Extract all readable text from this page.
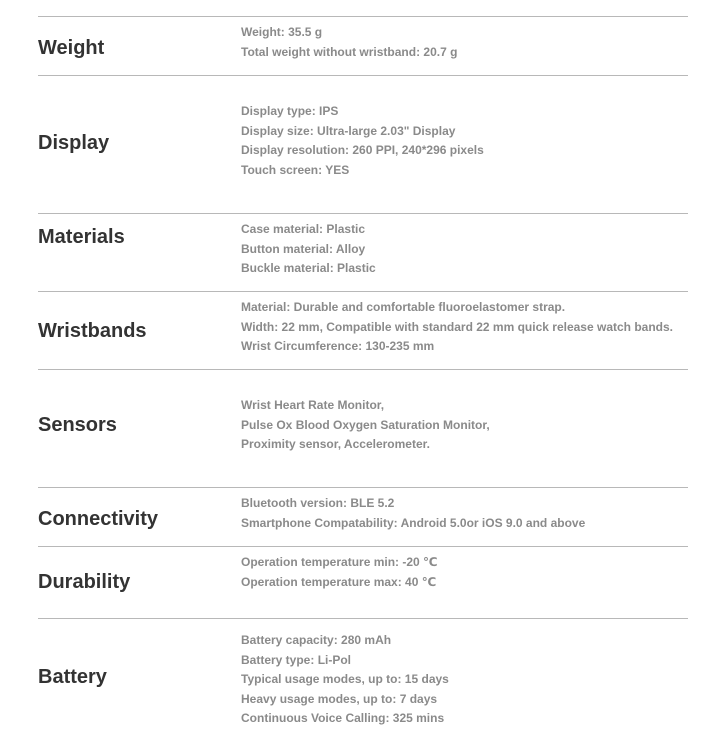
Weight
Weight: 35.5 g
Total weight without wristband: 20.7 g
Display
Display type: IPS
Display size: Ultra-large 2.03" Display
Display resolution: 260 PPI, 240*296 pixels
Touch screen: YES
Materials	Case material: Plastic
Button material: Alloy
Buckle material: Plastic
Wristbands
Material: Durable and comfortable fluoroelastomer strap.
Width: 22 mm, Compatible with standard 22 mm quick release watch bands.
Wrist Circumference: 130-235 mm
Sensors
Wrist Heart Rate Monitor,
Pulse Ox Blood Oxygen Saturation Monitor,
Proximity sensor, Accelerometer.
Connectivity
Bluetooth version: BLE 5.2
Smartphone Compatability: Android 5.0or iOS 9.0 and above
Durability
Operation temperature min: -20 ℃
Operation temperature max: 40 ℃
Battery
Battery capacity: 280 mAh
Battery type: Li-Pol
Typical usage modes, up to: 15 days
Heavy usage modes, up to: 7 days
Continuous Voice Calling: 325 mins
